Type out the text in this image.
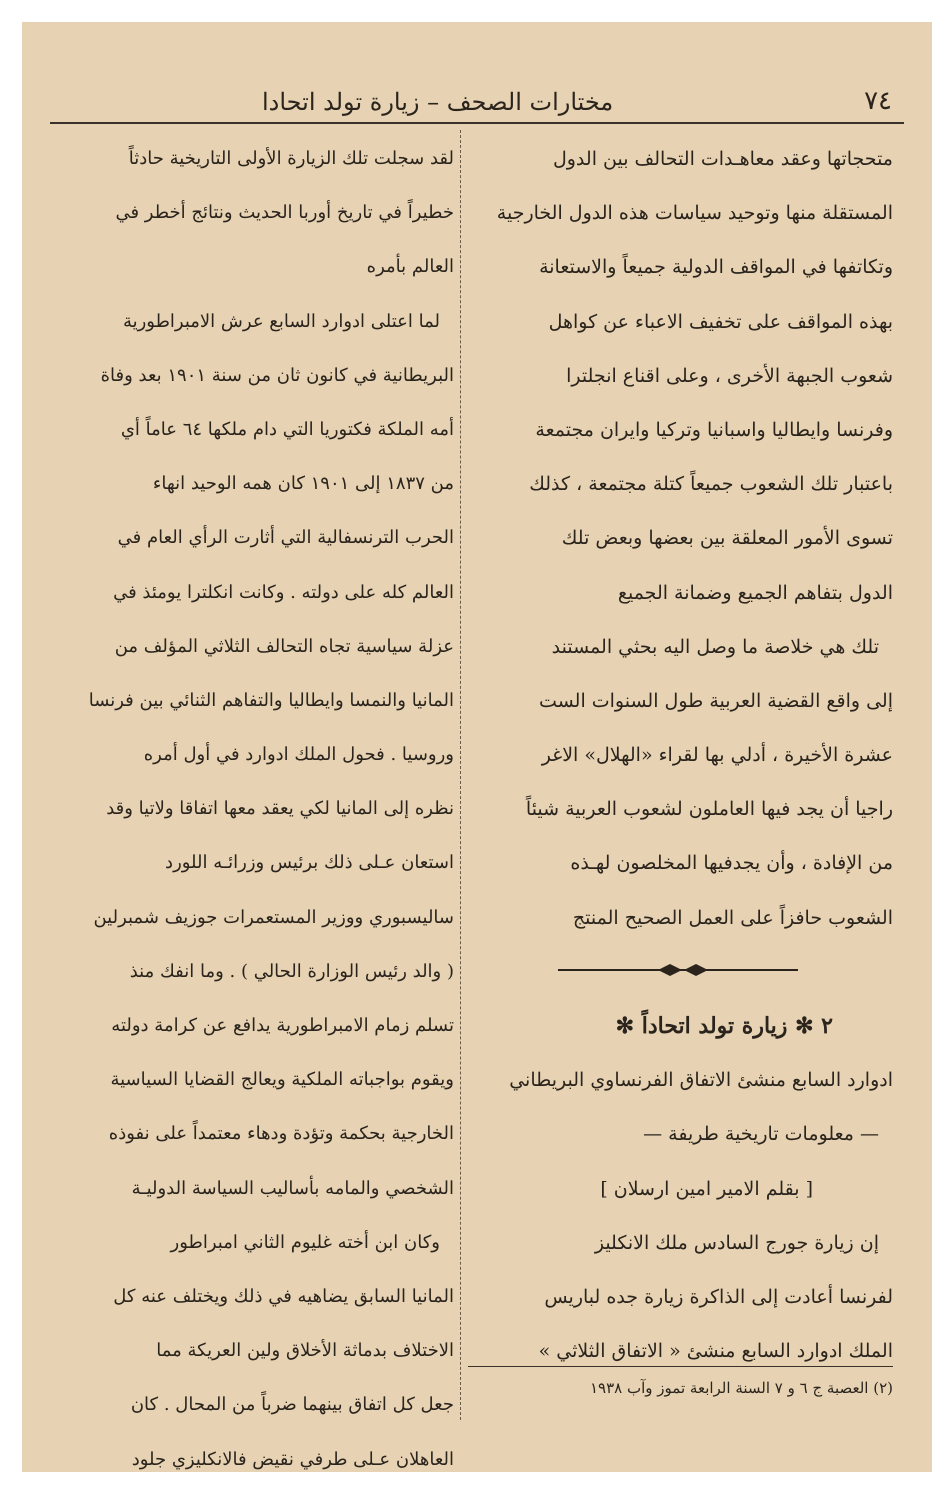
مختارات الصحف – زيارة تولد اتحادا	٧٤
متحجاتها وعقد معاهـدات التحالف بين الدول
المستقلة منها وتوحيد سياسات هذه الدول الخارجية
وتكاتفها في المواقف الدولية جميعاً والاستعانة
بهذه المواقف على تخفيف الاعباء عن كواهل
شعوب الجبهة الأخرى ، وعلى اقناع انجلترا
وفرنسا وايطاليا واسبانيا وتركيا وايران مجتمعة
باعتبار تلك الشعوب جميعاً كتلة مجتمعة ، كذلك
تسوى الأمور المعلقة بين بعضها وبعض تلك
الدول بتفاهم الجميع وضمانة الجميع
تلك هي خلاصة ما وصل اليه بحثي المستند
إلى واقع القضية العربية طول السنوات الست
عشرة الأخيرة ، أدلي بها لقراء «الهلال» الاغر
راجيا أن يجد فيها العاملون لشعوب العربية شيئاً
من الإفادة ، وأن يجدفيها المخلصون لهـذه
الشعوب حافزاً على العمل الصحيح المنتج
٢ ✻ زيارة تولد اتحاداً ✻
ادوارد السابع منشئ الاتفاق الفرنساوي البريطاني
— معلومات تاريخية طريفة —
[ بقلم الامير امين ارسلان ]
إن زيارة جورج السادس ملك الانكليز
لفرنسا أعادت إلى الذاكرة زيارة جده لباريس
الملك ادوارد السابع منشئ « الاتفاق الثلاثي »
(٢) العصبة ج ٦ و ٧ السنة الرابعة تموز وآب ١٩٣٨
لقد سجلت تلك الزيارة الأولى التاريخية حادثاً
خطيراً في تاريخ أوربا الحديث ونتائج أخطر في
العالم بأمره
لما اعتلى ادوارد السابع عرش الامبراطورية
البريطانية في كانون ثان من سنة ١٩٠١ بعد وفاة
أمه الملكة فكتوريا التي دام ملكها ٦٤ عاماً أي
من ١٨٣٧ إلى ١٩٠١ كان همه الوحيد انهاء
الحرب الترنسفالية التي أثارت الرأي العام في
العالم كله على دولته . وكانت انكلترا يومئذ في
عزلة سياسية تجاه التحالف الثلاثي المؤلف من
المانيا والنمسا وايطاليا والتفاهم الثنائي بين فرنسا
وروسيا . فحول الملك ادوارد في أول أمره
نظره إلى المانيا لكي يعقد معها اتفاقا ولاتيا وقد
استعان عـلى ذلك برئيس وزرائـه اللورد
ساليسبوري ووزير المستعمرات جوزيف شمبرلين
( والد رئيس الوزارة الحالي ) . وما انفك منذ
تسلم زمام الامبراطورية يدافع عن كرامة دولته
ويقوم بواجباته الملكية ويعالج القضايا السياسية
الخارجية بحكمة وتؤدة ودهاء معتمداً على نفوذه
الشخصي والمامه بأساليب السياسة الدوليـة
وكان ابن أخته غليوم الثاني امبراطور
المانيا السابق يضاهيه في ذلك ويختلف عنه كل
الاختلاف بدماثة الأخلاق ولين العريكة مما
جعل كل اتفاق بينهما ضرباً من المحال . كان
العاهلان عـلى طرفي نقيض فالانكليزي جلود
